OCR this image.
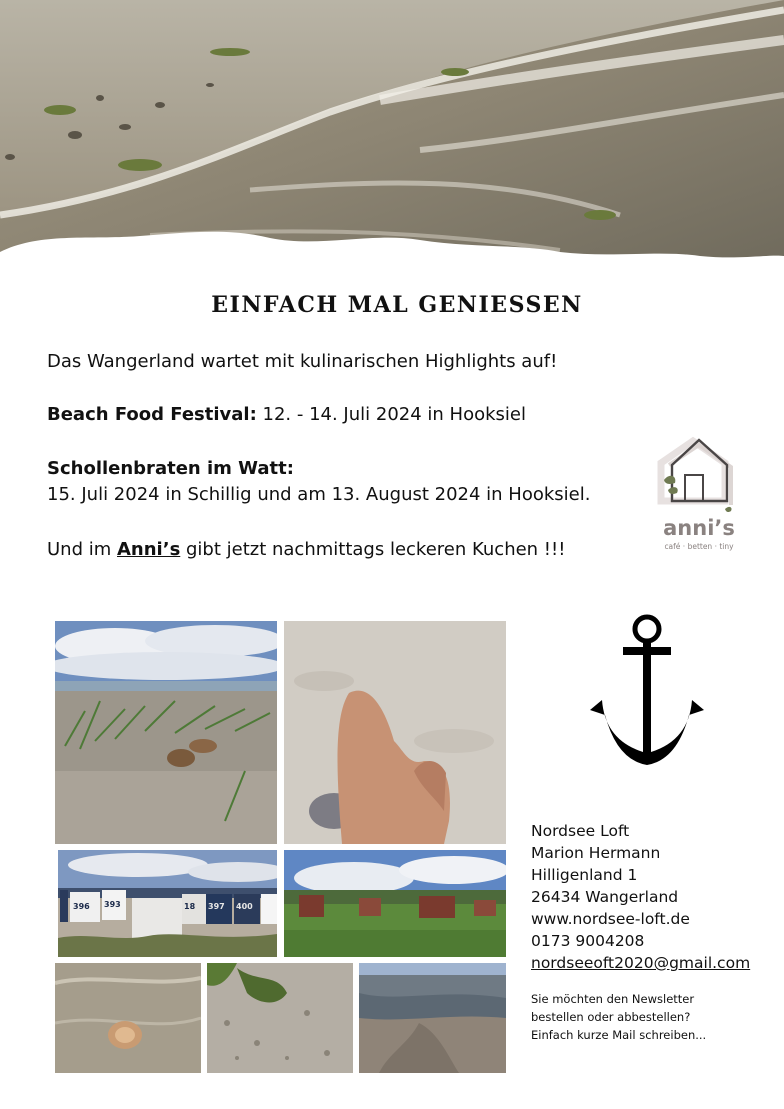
EINFACH MAL GENIESSEN
Das Wangerland wartet mit kulinarischen Highlights auf!
Beach Food Festival: 12. - 14. Juli 2024 in Hooksiel
Schollenbraten im Watt:
15. Juli 2024 in Schillig und am 13. August 2024 in Hooksiel.
Und im Anni’s gibt jetzt nachmittags leckeren Kuchen !!!
anni’s
café · betten · tiny
396 393	18 397 400
Nordsee Loft
Marion Hermann
Hilligenland 1
26434 Wangerland
www.nordsee-loft.de
0173 9004208
nordseeoft2020@gmail.com
Sie möchten den Newsletter
bestellen oder abbestellen?
Einfach kurze Mail schreiben...
